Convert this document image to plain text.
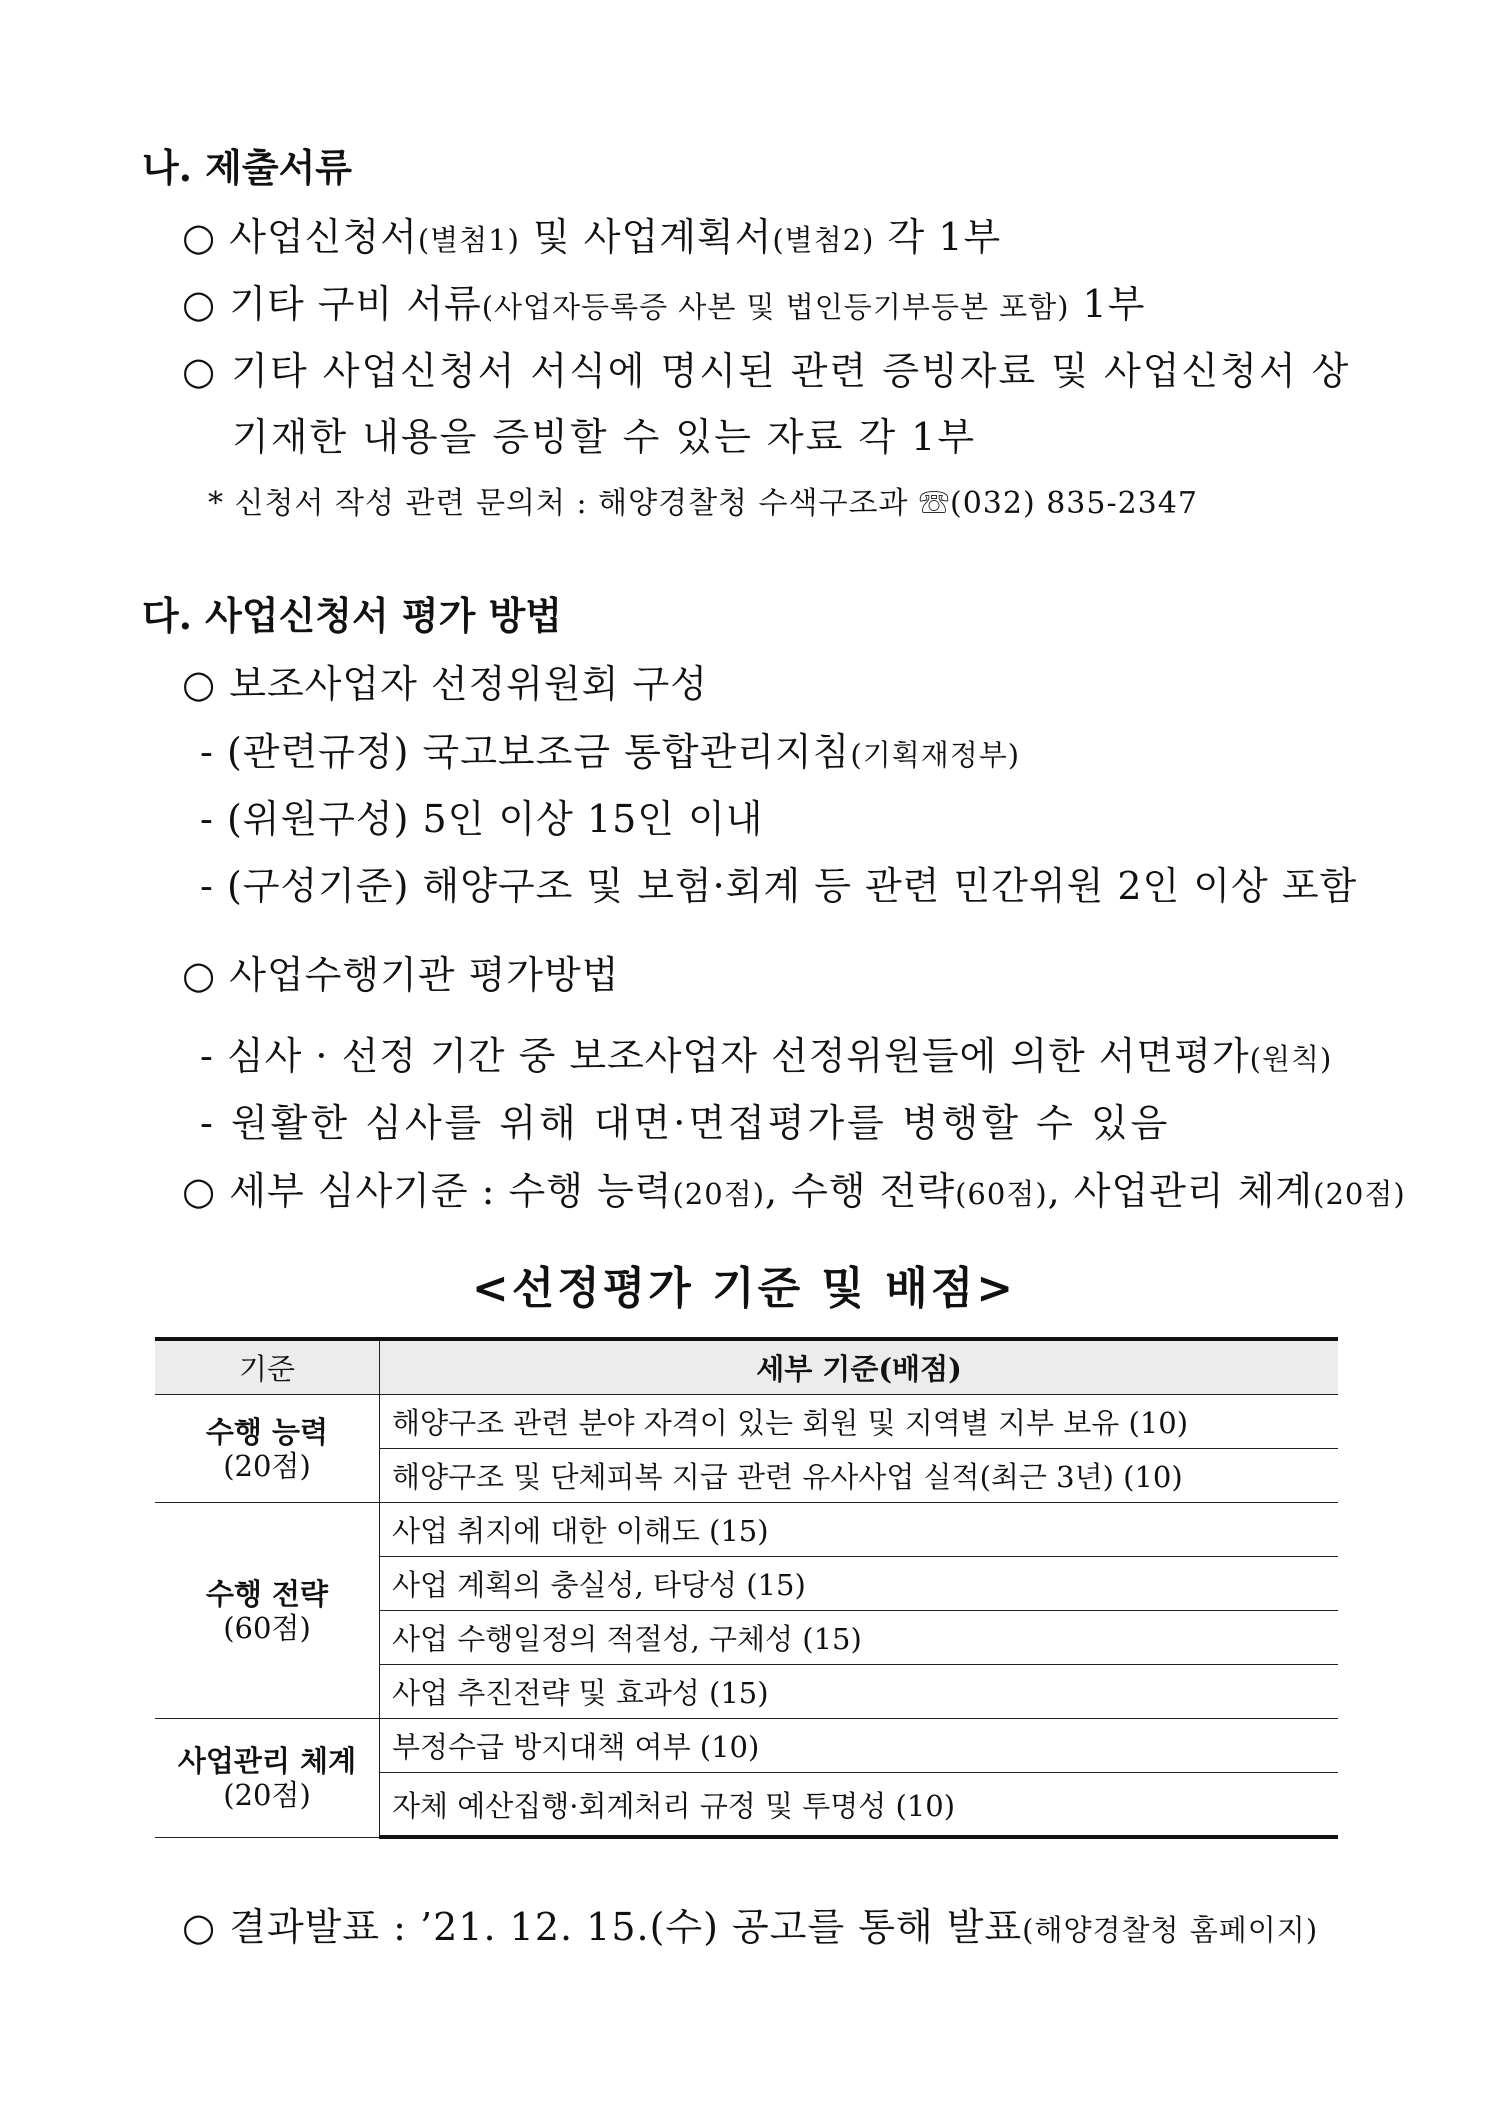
나. 제출서류
○ 사업신청서(별첨1) 및 사업계획서(별첨2) 각 1부
○ 기타 구비 서류(사업자등록증 사본 및 법인등기부등본 포함) 1부
○ 기타 사업신청서 서식에 명시된 관련 증빙자료 및 사업신청서 상
기재한 내용을 증빙할 수 있는 자료 각 1부
* 신청서 작성 관련 문의처 : 해양경찰청 수색구조과 ☏(032) 835-2347
다. 사업신청서 평가 방법
○ 보조사업자 선정위원회 구성
- (관련규정) 국고보조금 통합관리지침(기획재정부)
- (위원구성) 5인 이상 15인 이내
- (구성기준) 해양구조 및 보험·회계 등 관련 민간위원 2인 이상 포함
○ 사업수행기관 평가방법
- 심사 · 선정 기간 중 보조사업자 선정위원들에 의한 서면평가(원칙)
- 원활한 심사를 위해 대면·면접평가를 병행할 수 있음
○ 세부 심사기준 : 수행 능력(20점), 수행 전략(60점), 사업관리 체계(20점)
<선정평가 기준 및 배점>
기준	세부 기준(배점)
수행 능력
(20점)	해양구조 관련 분야 자격이 있는 회원 및 지역별 지부 보유 (10)
	해양구조 및 단체피복 지급 관련 유사사업 실적(최근 3년) (10)
수행 전략
(60점)	사업 취지에 대한 이해도 (15)
	사업 계획의 충실성, 타당성 (15)
	사업 수행일정의 적절성, 구체성 (15)
	사업 추진전략 및 효과성 (15)
사업관리 체계
(20점)	부정수급 방지대책 여부 (10)
	자체 예산집행·회계처리 규정 및 투명성 (10)
○ 결과발표 : ’21. 12. 15.(수) 공고를 통해 발표(해양경찰청 홈페이지)
